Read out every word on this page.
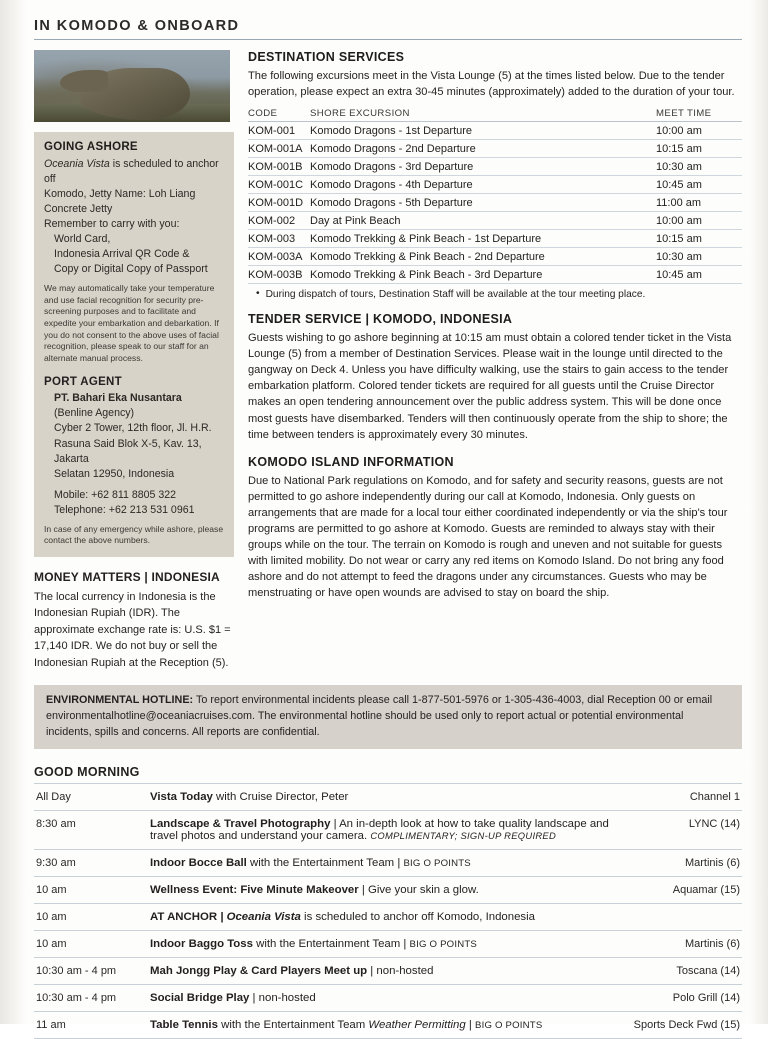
IN KOMODO & ONBOARD
GOING ASHORE
Oceania Vista is scheduled to anchor off
Komodo, Jetty Name: Loh Liang
Concrete Jetty
Remember to carry with you:
World Card,
Indonesia Arrival QR Code &
Copy or Digital Copy of Passport
We may automatically take your temperature and use facial recognition for security pre-screening purposes and to facilitate and expedite your embarkation and debarkation. If you do not consent to the above uses of facial recognition, please speak to our staff for an alternate manual process.
PORT AGENT
PT. Bahari Eka Nusantara
(Benline Agency)
Cyber 2 Tower, 12th floor, Jl. H.R.
Rasuna Said Blok X-5, Kav. 13, Jakarta
Selatan 12950, Indonesia
Mobile: +62 811 8805 322
Telephone: +62 213 531 0961
In case of any emergency while ashore, please contact the above numbers.
MONEY MATTERS | INDONESIA
The local currency in Indonesia is the Indonesian Rupiah (IDR). The approximate exchange rate is: U.S. $1 = 17,140 IDR. We do not buy or sell the Indonesian Rupiah at the Reception (5).
DESTINATION SERVICES
The following excursions meet in the Vista Lounge (5) at the times listed below. Due to the tender operation, please expect an extra 30-45 minutes (approximately) added to the duration of your tour.
CODE	SHORE EXCURSION	MEET TIME
KOM-001	Komodo Dragons - 1st Departure	10:00 am
KOM-001A	Komodo Dragons - 2nd Departure	10:15 am
KOM-001B	Komodo Dragons - 3rd Departure	10:30 am
KOM-001C	Komodo Dragons - 4th Departure	10:45 am
KOM-001D	Komodo Dragons - 5th Departure	11:00 am
KOM-002	Day at Pink Beach	10:00 am
KOM-003	Komodo Trekking & Pink Beach - 1st Departure	10:15 am
KOM-003A	Komodo Trekking & Pink Beach - 2nd Departure	10:30 am
KOM-003B	Komodo Trekking & Pink Beach - 3rd Departure	10:45 am
• During dispatch of tours, Destination Staff will be available at the tour meeting place.
TENDER SERVICE | KOMODO, INDONESIA
Guests wishing to go ashore beginning at 10:15 am must obtain a colored tender ticket in the Vista Lounge (5) from a member of Destination Services. Please wait in the lounge until directed to the gangway on Deck 4. Unless you have difficulty walking, use the stairs to gain access to the tender embarkation platform. Colored tender tickets are required for all guests until the Cruise Director makes an open tendering announcement over the public address system. This will be done once most guests have disembarked. Tenders will then continuously operate from the ship to shore; the time between tenders is approximately every 30 minutes.
KOMODO ISLAND INFORMATION
Due to National Park regulations on Komodo, and for safety and security reasons, guests are not permitted to go ashore independently during our call at Komodo, Indonesia. Only guests on arrangements that are made for a local tour either coordinated independently or via the ship's tour programs are permitted to go ashore at Komodo. Guests are reminded to always stay with their groups while on the tour. The terrain on Komodo is rough and uneven and not suitable for guests with limited mobility. Do not wear or carry any red items on Komodo Island. Do not bring any food ashore and do not attempt to feed the dragons under any circumstances. Guests who may be menstruating or have open wounds are advised to stay on board the ship.
ENVIRONMENTAL HOTLINE: To report environmental incidents please call 1-877-501-5976 or 1-305-436-4003, dial Reception 00 or email environmentalhotline@oceaniacruises.com. The environmental hotline should be used only to report actual or potential environmental incidents, spills and concerns. All reports are confidential.
GOOD MORNING
All Day	Vista Today with Cruise Director, Peter	Channel 1
8:30 am	Landscape & Travel Photography | An in-depth look at how to take quality landscape and travel photos and understand your camera. COMPLIMENTARY; SIGN-UP REQUIRED	LYNC (14)
9:30 am	Indoor Bocce Ball with the Entertainment Team | BIG O POINTS	Martinis (6)
10 am	Wellness Event: Five Minute Makeover | Give your skin a glow.	Aquamar (15)
10 am	AT ANCHOR | Oceania Vista is scheduled to anchor off Komodo, Indonesia	
10 am	Indoor Baggo Toss with the Entertainment Team | BIG O POINTS	Martinis (6)
10:30 am - 4 pm	Mah Jongg Play & Card Players Meet up | non-hosted	Toscana (14)
10:30 am - 4 pm	Social Bridge Play | non-hosted	Polo Grill (14)
11 am	Table Tennis with the Entertainment Team Weather Permitting | BIG O POINTS	Sports Deck Fwd (15)
